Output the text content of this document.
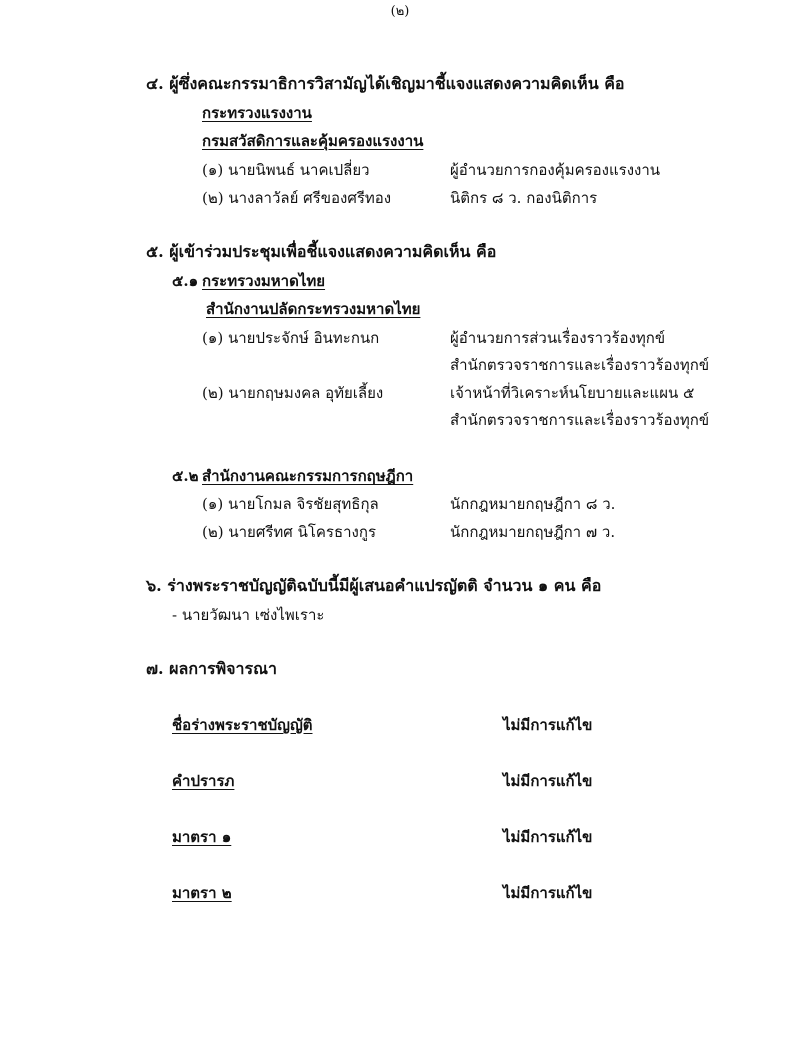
(๒)
๔. ผู้ซึ่งคณะกรรมาธิการวิสามัญได้เชิญมาชี้แจงแสดงความคิดเห็น คือ
กระทรวงแรงงาน
กรมสวัสดิการและคุ้มครองแรงงาน
(๑) นายนิพนธ์ นาคเปลี่ยว	ผู้อำนวยการกองคุ้มครองแรงงาน
(๒) นางลาวัลย์ ศรีของศรีทอง	นิติกร ๘ ว. กองนิติการ
๕. ผู้เข้าร่วมประชุมเพื่อชี้แจงแสดงความคิดเห็น คือ
๕.๑ กระทรวงมหาดไทย
สำนักงานปลัดกระทรวงมหาดไทย
(๑) นายประจักษ์ อินทะกนก	ผู้อำนวยการส่วนเรื่องราวร้องทุกข์
สำนักตรวจราชการและเรื่องราวร้องทุกข์
(๒) นายกฤษมงคล อุทัยเลี้ยง	เจ้าหน้าที่วิเคราะห์นโยบายและแผน ๕
สำนักตรวจราชการและเรื่องราวร้องทุกข์
๕.๒ สำนักงานคณะกรรมการกฤษฎีกา
(๑) นายโกมล จิรชัยสุทธิกุล	นักกฎหมายกฤษฎีกา ๘ ว.
(๒) นายศรีทศ นิโครธางกูร	นักกฎหมายกฤษฎีกา ๗ ว.
๖. ร่างพระราชบัญญัติฉบับนี้มีผู้เสนอคำแปรญัตติ จำนวน ๑ คน คือ
- นายวัฒนา เซ่งไพเราะ
๗. ผลการพิจารณา
ชื่อร่างพระราชบัญญัติ	ไม่มีการแก้ไข
คำปรารภ	ไม่มีการแก้ไข
มาตรา ๑	ไม่มีการแก้ไข
มาตรา ๒	ไม่มีการแก้ไข
